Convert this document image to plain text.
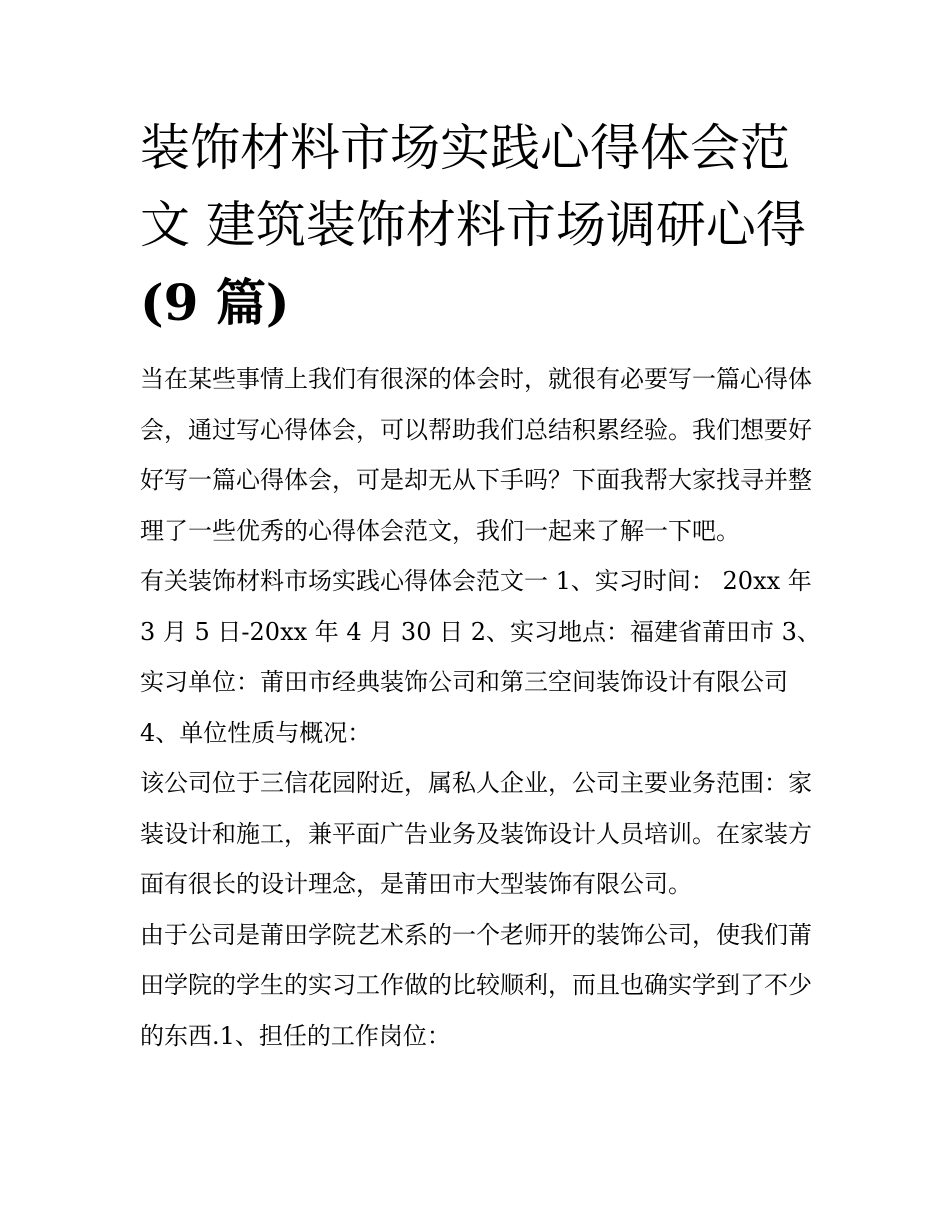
装饰材料市场实践心得体会范文 建筑装饰材料市场调研心得
(9 篇)

当在某些事情上我们有很深的体会时，就很有必要写一篇心得体会，通过写心得体会，可以帮助我们总结积累经验。我们想要好好写一篇心得体会，可是却无从下手吗？下面我帮大家找寻并整理了一些优秀的心得体会范文，我们一起来了解一下吧。

有关装饰材料市场实践心得体会范文一 1、实习时间： 20xx 年 3 月 5 日-20xx 年 4 月 30 日 2、实习地点：福建省莆田市 3、实习单位：莆田市经典装饰公司和第三空间装饰设计有限公司 4、单位性质与概况：

该公司位于三信花园附近，属私人企业，公司主要业务范围：家装设计和施工，兼平面广告业务及装饰设计人员培训。在家装方面有很长的设计理念，是莆田市大型装饰有限公司。

由于公司是莆田学院艺术系的一个老师开的装饰公司，使我们莆田学院的学生的实习工作做的比较顺利，而且也确实学到了不少的东西.1、担任的工作岗位：
